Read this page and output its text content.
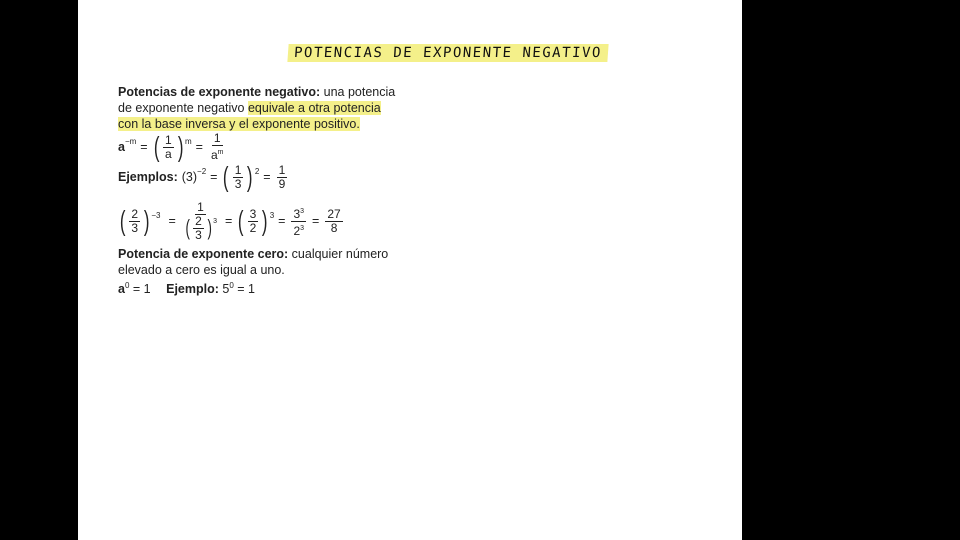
POTENCIAS DE EXPONENTE NEGATIVO
Potencias de exponente negativo: una potencia
de exponente negativo equivale a otra potencia
con la base inversa y el exponente positivo.
a −m = ( $\frac{1}{a}$ ) $m = \frac{1}{a^m}$
Ejemplos: (3) −2 = ( $\frac{1}{3}$ ) $2 = \frac{1}{9}$
( $\frac{2}{3}$ ) −3 =
1
( $\frac{2}{3}$ ) 3 = ( $\frac{3}{2}$ ) $3 = \frac{3^3}{2^3} = \frac{27}{8}$
Potencia de exponente cero: cualquier número
elevado a cero es igual a uno.
$a^0 = 1$ Ejemplo: $5^0 = 1$
